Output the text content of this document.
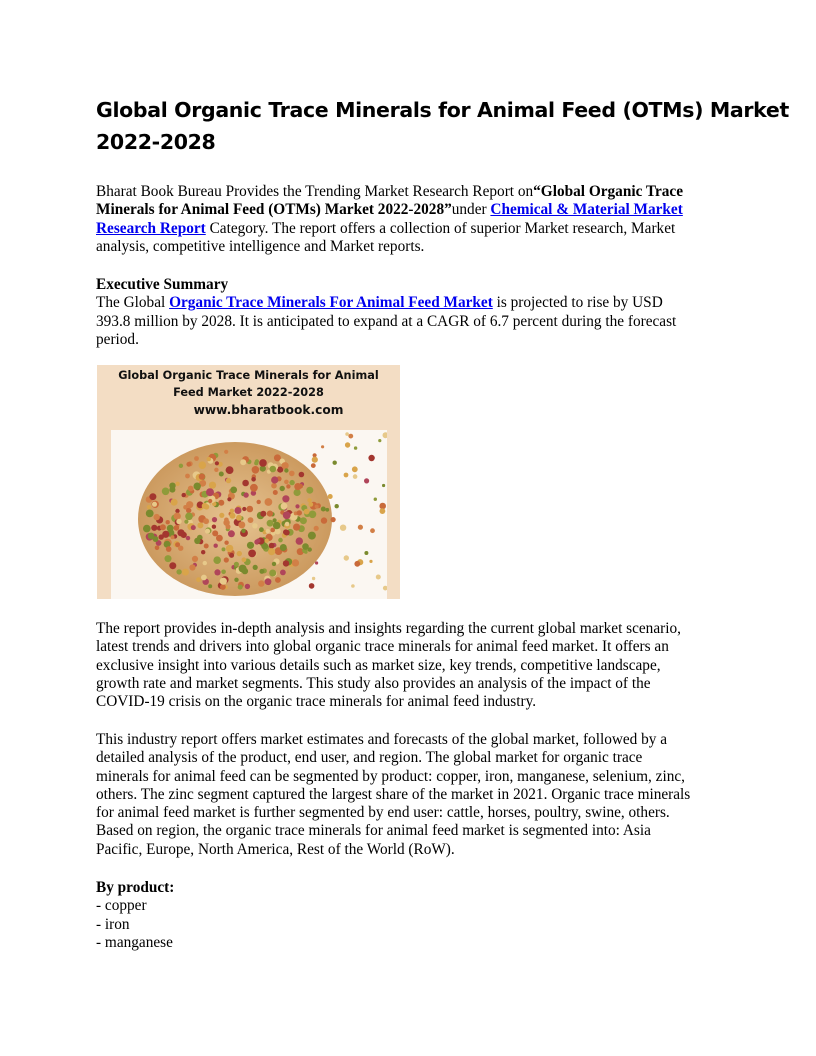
Global Organic Trace Minerals for Animal Feed (OTMs) Market
2022-2028
Bharat Book Bureau Provides the Trending Market Research Report on“Global Organic Trace
Minerals for Animal Feed (OTMs) Market 2022-2028”under Chemical & Material Market
Research Report Category. The report offers a collection of superior Market research, Market
analysis, competitive intelligence and Market reports.
Executive Summary
The Global Organic Trace Minerals For Animal Feed Market is projected to rise by USD
393.8 million by 2028. It is anticipated to expand at a CAGR of 6.7 percent during the forecast
period.
Global Organic Trace Minerals for Animal
Feed Market 2022-2028
www.bharatbook.com
The report provides in-depth analysis and insights regarding the current global market scenario,
latest trends and drivers into global organic trace minerals for animal feed market. It offers an
exclusive insight into various details such as market size, key trends, competitive landscape,
growth rate and market segments. This study also provides an analysis of the impact of the
COVID-19 crisis on the organic trace minerals for animal feed industry.
This industry report offers market estimates and forecasts of the global market, followed by a
detailed analysis of the product, end user, and region. The global market for organic trace
minerals for animal feed can be segmented by product: copper, iron, manganese, selenium, zinc,
others. The zinc segment captured the largest share of the market in 2021. Organic trace minerals
for animal feed market is further segmented by end user: cattle, horses, poultry, swine, others.
Based on region, the organic trace minerals for animal feed market is segmented into: Asia
Pacific, Europe, North America, Rest of the World (RoW).
By product:
- copper
- iron
- manganese
